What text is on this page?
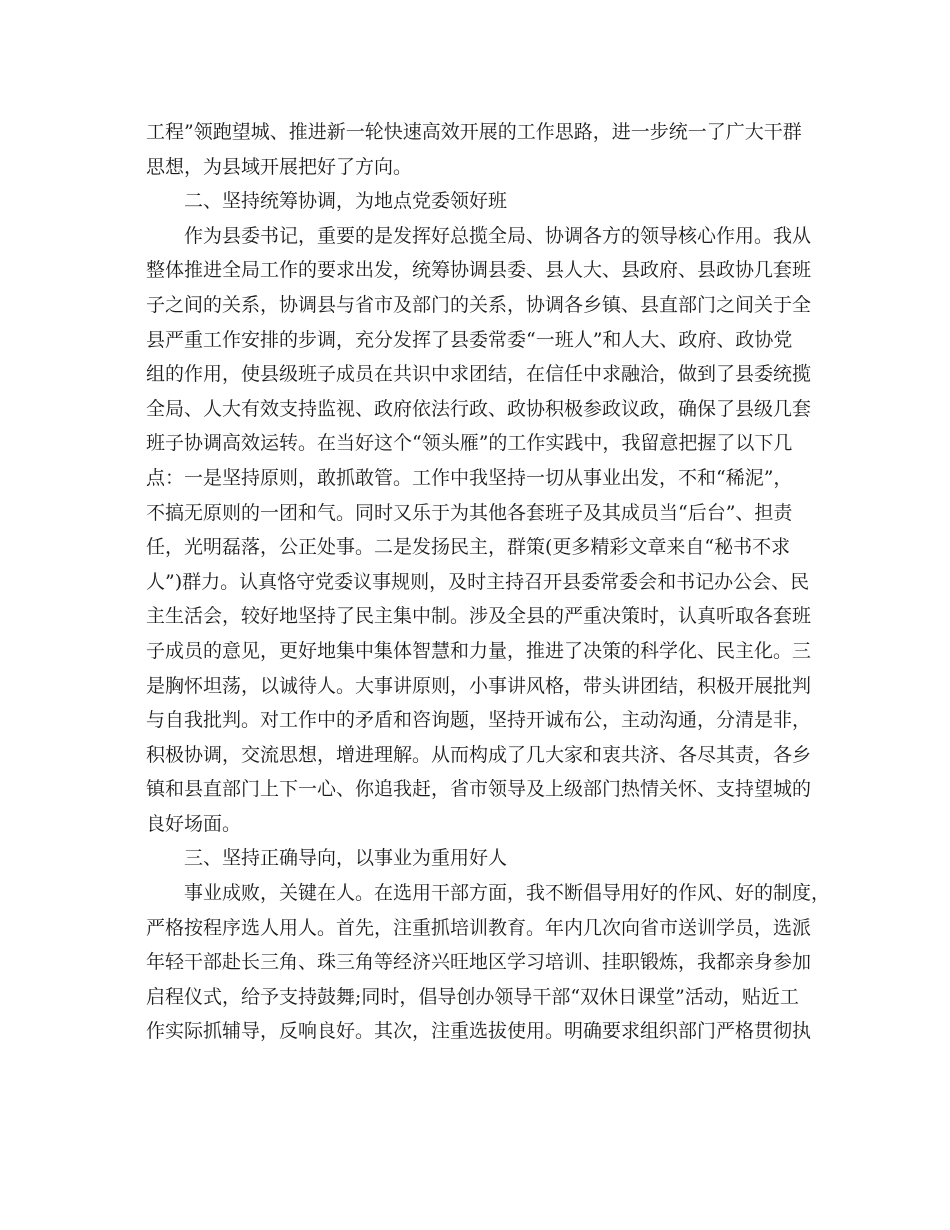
工程”领跑望城、推进新一轮快速高效开展的工作思路，进一步统一了广大干群
思想，为县域开展把好了方向。
二、坚持统筹协调，为地点党委领好班
作为县委书记，重要的是发挥好总揽全局、协调各方的领导核心作用。我从
整体推进全局工作的要求出发，统筹协调县委、县人大、县政府、县政协几套班
子之间的关系，协调县与省市及部门的关系，协调各乡镇、县直部门之间关于全
县严重工作安排的步调，充分发挥了县委常委“一班人”和人大、政府、政协党
组的作用，使县级班子成员在共识中求团结，在信任中求融洽，做到了县委统揽
全局、人大有效支持监视、政府依法行政、政协积极参政议政，确保了县级几套
班子协调高效运转。在当好这个“领头雁”的工作实践中，我留意把握了以下几
点：一是坚持原则，敢抓敢管。工作中我坚持一切从事业出发，不和“稀泥”，
不搞无原则的一团和气。同时又乐于为其他各套班子及其成员当“后台”、担责
任，光明磊落，公正处事。二是发扬民主，群策(更多精彩文章来自“秘书不求
人”)群力。认真恪守党委议事规则，及时主持召开县委常委会和书记办公会、民
主生活会，较好地坚持了民主集中制。涉及全县的严重决策时，认真听取各套班
子成员的意见，更好地集中集体智慧和力量，推进了决策的科学化、民主化。三
是胸怀坦荡，以诚待人。大事讲原则，小事讲风格，带头讲团结，积极开展批判
与自我批判。对工作中的矛盾和咨询题，坚持开诚布公，主动沟通，分清是非，
积极协调，交流思想，增进理解。从而构成了几大家和衷共济、各尽其责，各乡
镇和县直部门上下一心、你追我赶，省市领导及上级部门热情关怀、支持望城的
良好场面。
三、坚持正确导向，以事业为重用好人
事业成败，关键在人。在选用干部方面，我不断倡导用好的作风、好的制度，
严格按程序选人用人。首先，注重抓培训教育。年内几次向省市送训学员，选派
年轻干部赴长三角、珠三角等经济兴旺地区学习培训、挂职锻炼，我都亲身参加
启程仪式，给予支持鼓舞;同时，倡导创办领导干部“双休日课堂”活动，贴近工
作实际抓辅导，反响良好。其次，注重选拔使用。明确要求组织部门严格贯彻执
